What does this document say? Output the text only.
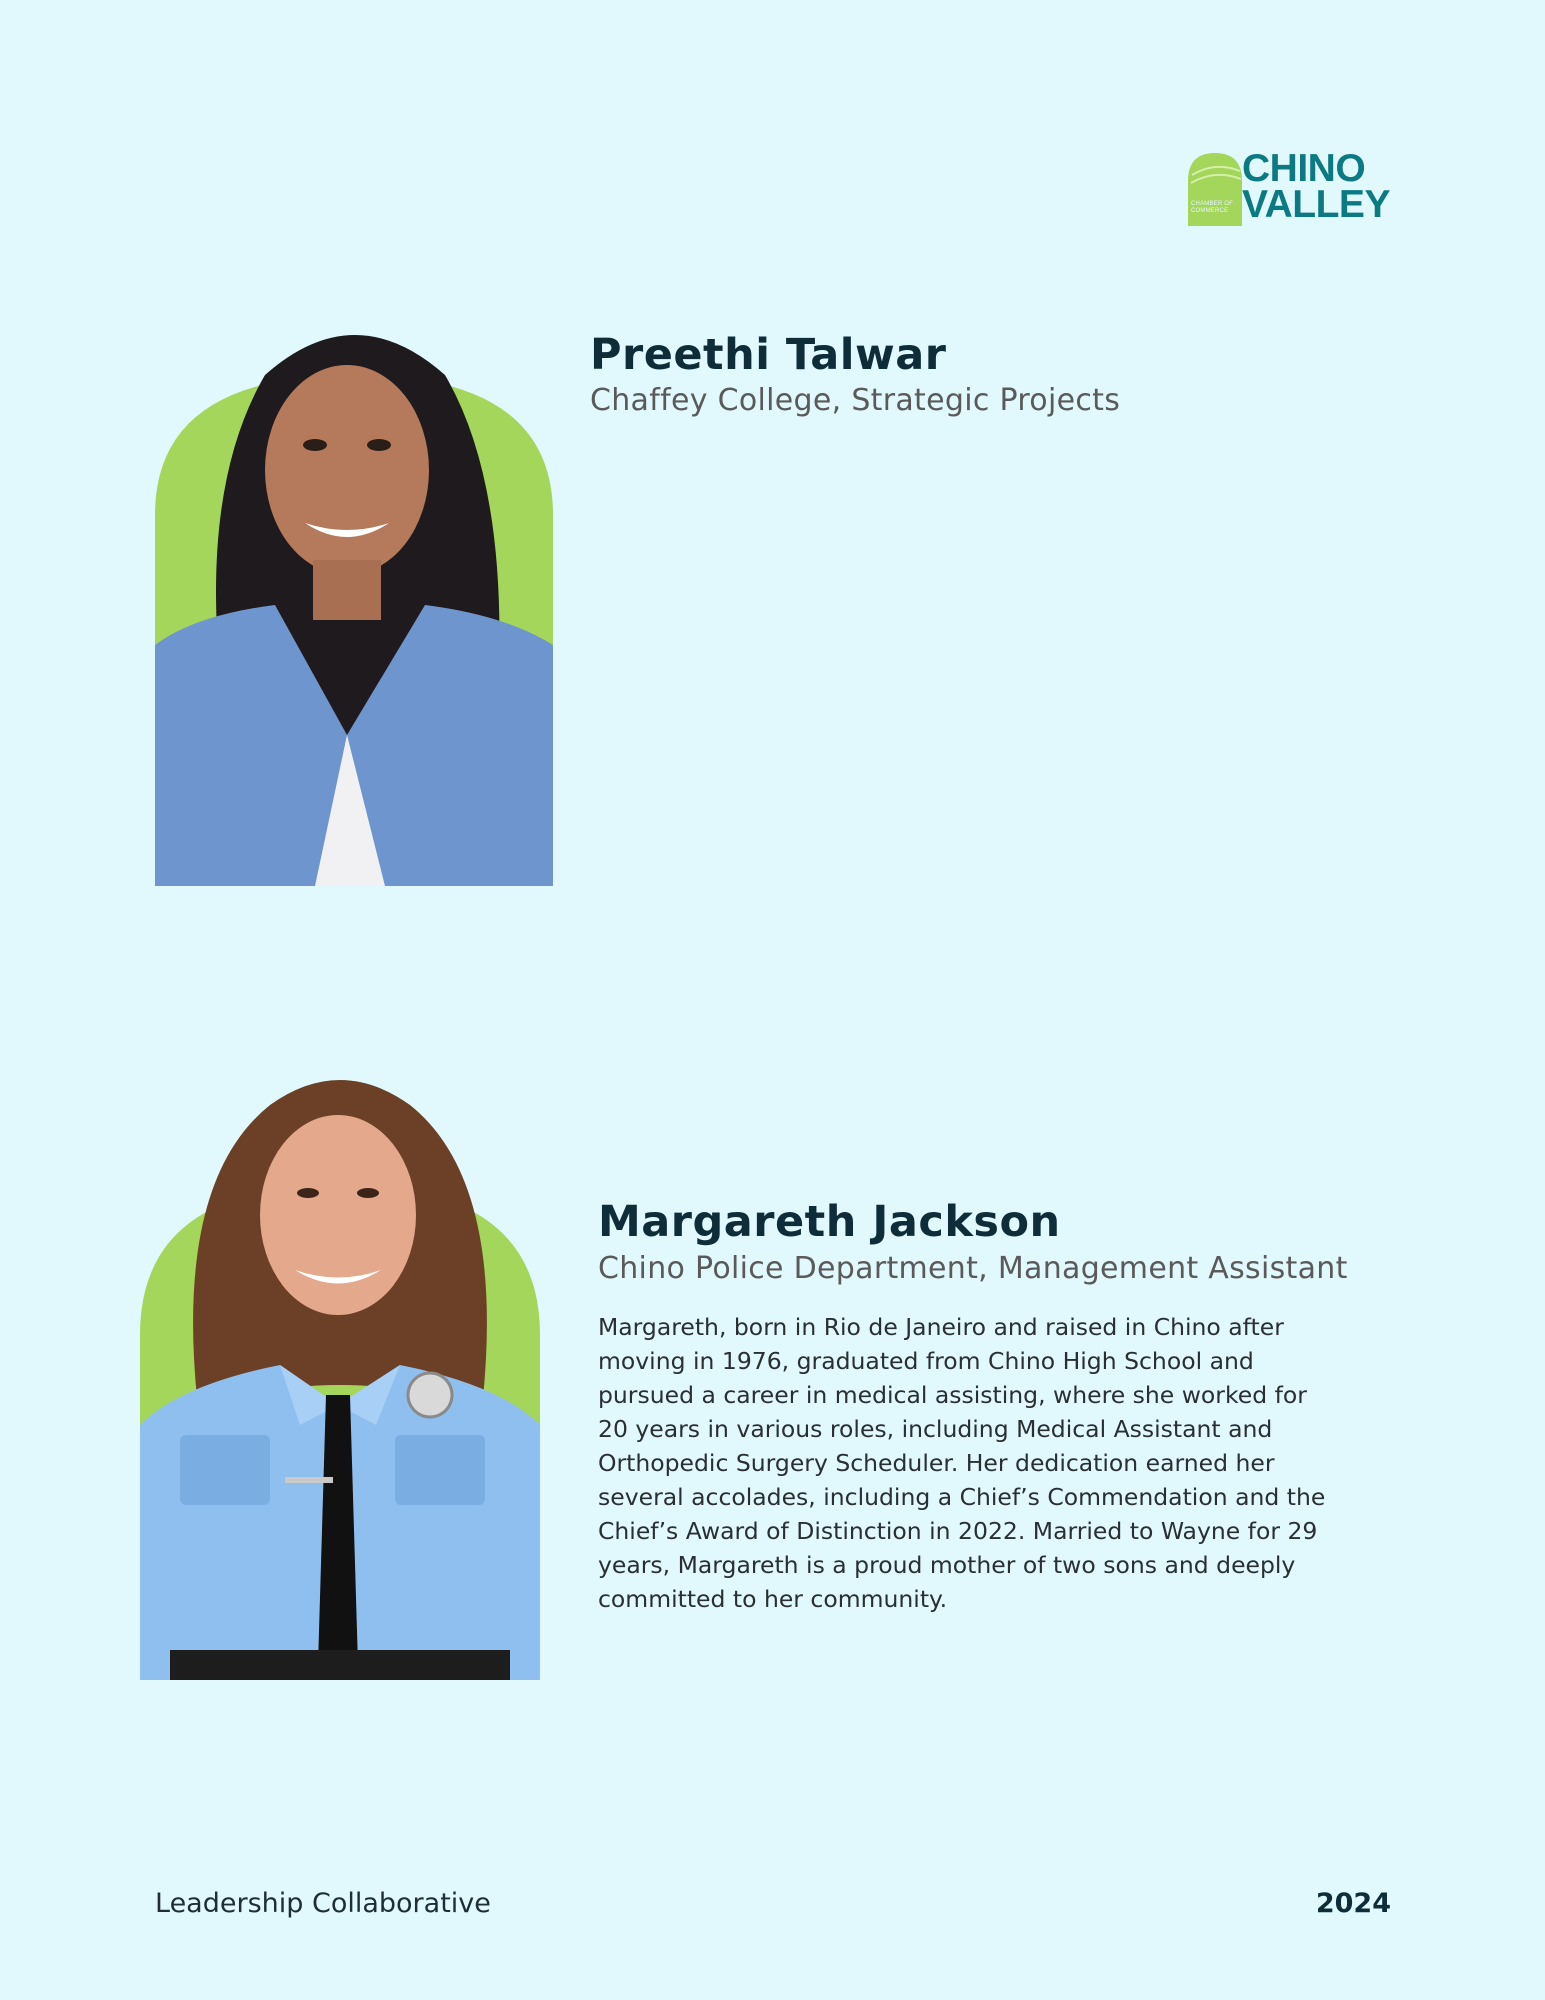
CHAMBER OF
COMMERCE
CHINO
VALLEY
Preethi Talwar
Chaffey College, Strategic Projects
Margareth Jackson
Chino Police Department, Management Assistant
Margareth, born in Rio de Janeiro and raised in Chino after
moving in 1976, graduated from Chino High School and
pursued a career in medical assisting, where she worked for
20 years in various roles, including Medical Assistant and
Orthopedic Surgery Scheduler. Her dedication earned her
several accolades, including a Chief’s Commendation and the
Chief’s Award of Distinction in 2022. Married to Wayne for 29
years, Margareth is a proud mother of two sons and deeply
committed to her community.
Leadership Collaborative	2024
